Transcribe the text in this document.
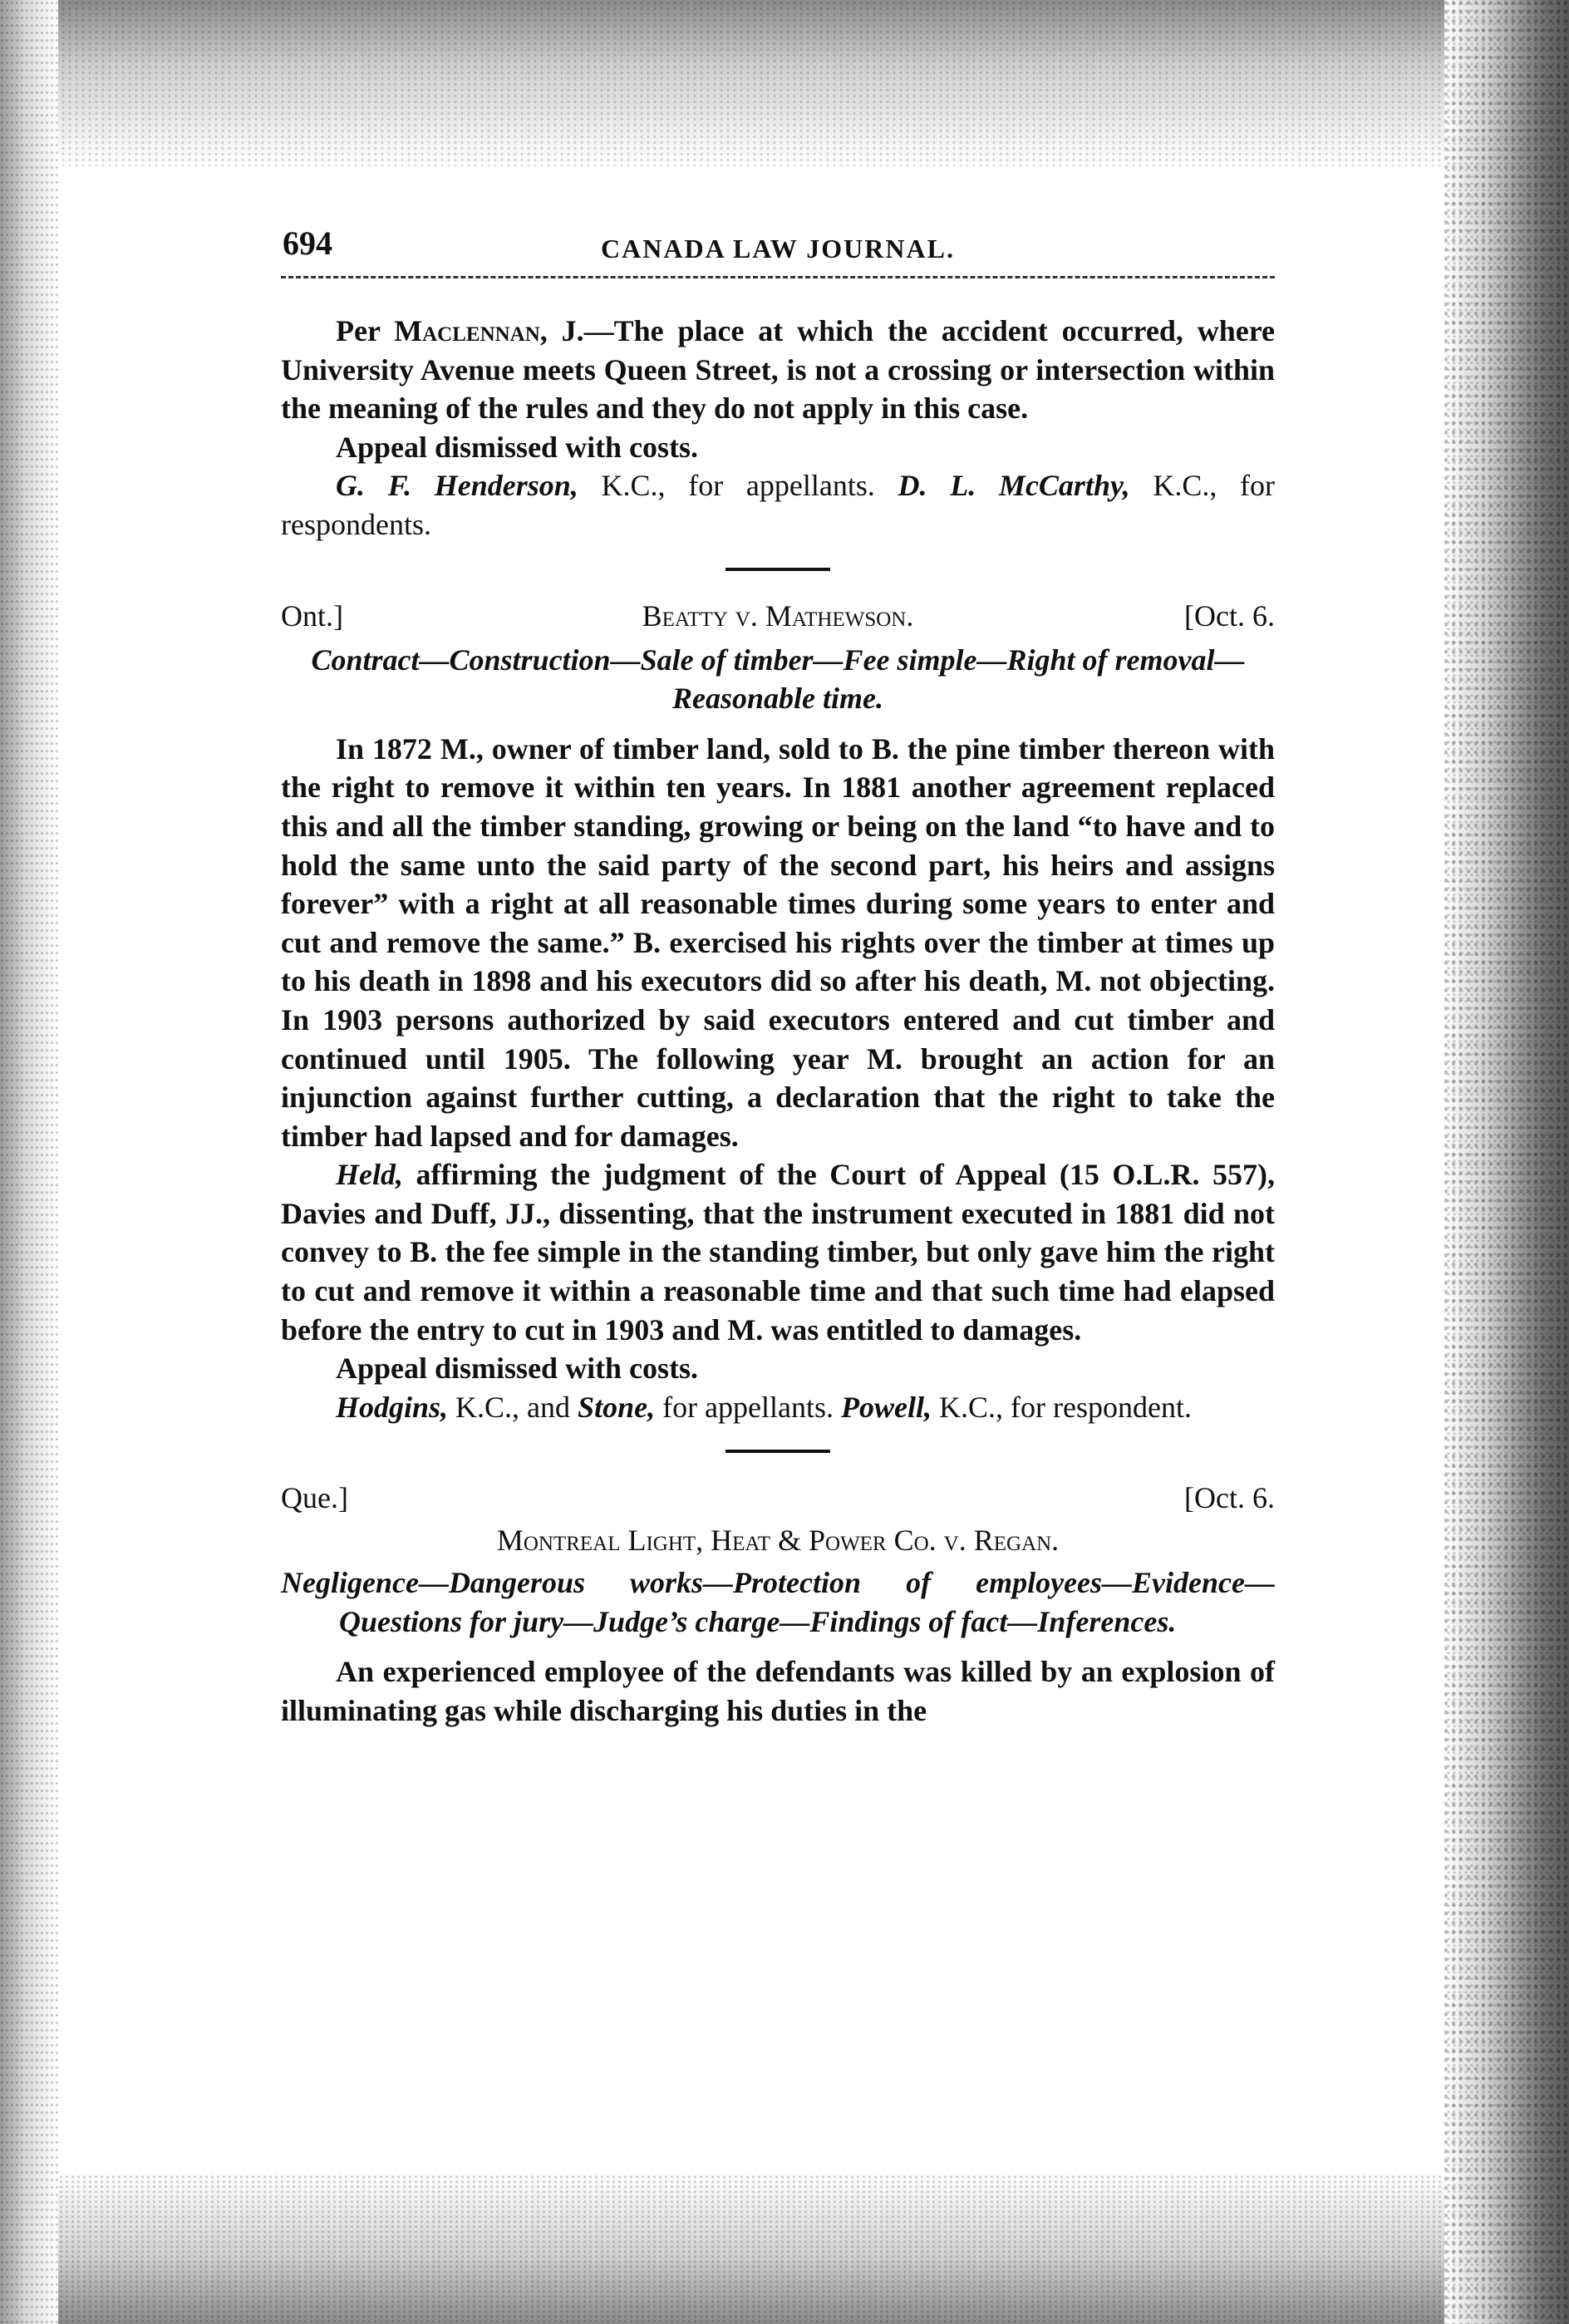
694	CANADA LAW JOURNAL.

Per Maclennan, J.—The place at which the accident occurred, where University Avenue meets Queen Street, is not a crossing or intersection within the meaning of the rules and they do not apply in this case.

Appeal dismissed with costs.

G. F. Henderson, K.C., for appellants. D. L. McCarthy, K.C., for respondents.

Ont.]	Beatty v. Mathewson.	[Oct. 6.

Contract—Construction—Sale of timber—Fee simple—Right of removal—Reasonable time.

In 1872 M., owner of timber land, sold to B. the pine timber thereon with the right to remove it within ten years. In 1881 another agreement replaced this and all the timber standing, growing or being on the land “to have and to hold the same unto the said party of the second part, his heirs and assigns forever” with a right at all reasonable times during some years to enter and cut and remove the same.” B. exercised his rights over the timber at times up to his death in 1898 and his executors did so after his death, M. not objecting. In 1903 persons authorized by said executors entered and cut timber and continued until 1905. The following year M. brought an action for an injunction against further cutting, a declaration that the right to take the timber had lapsed and for damages.

Held, affirming the judgment of the Court of Appeal (15 O.L.R. 557), Davies and Duff, JJ., dissenting, that the instrument executed in 1881 did not convey to B. the fee simple in the standing timber, but only gave him the right to cut and remove it within a reasonable time and that such time had elapsed before the entry to cut in 1903 and M. was entitled to damages.

Appeal dismissed with costs.

Hodgins, K.C., and Stone, for appellants. Powell, K.C., for respondent.

Que.]	[Oct. 6.

Montreal Light, Heat & Power Co. v. Regan.

Negligence—Dangerous works—Protection of employees—Evidence—Questions for jury—Judge’s charge—Findings of fact—Inferences.

An experienced employee of the defendants was killed by an explosion of illuminating gas while discharging his duties in the
